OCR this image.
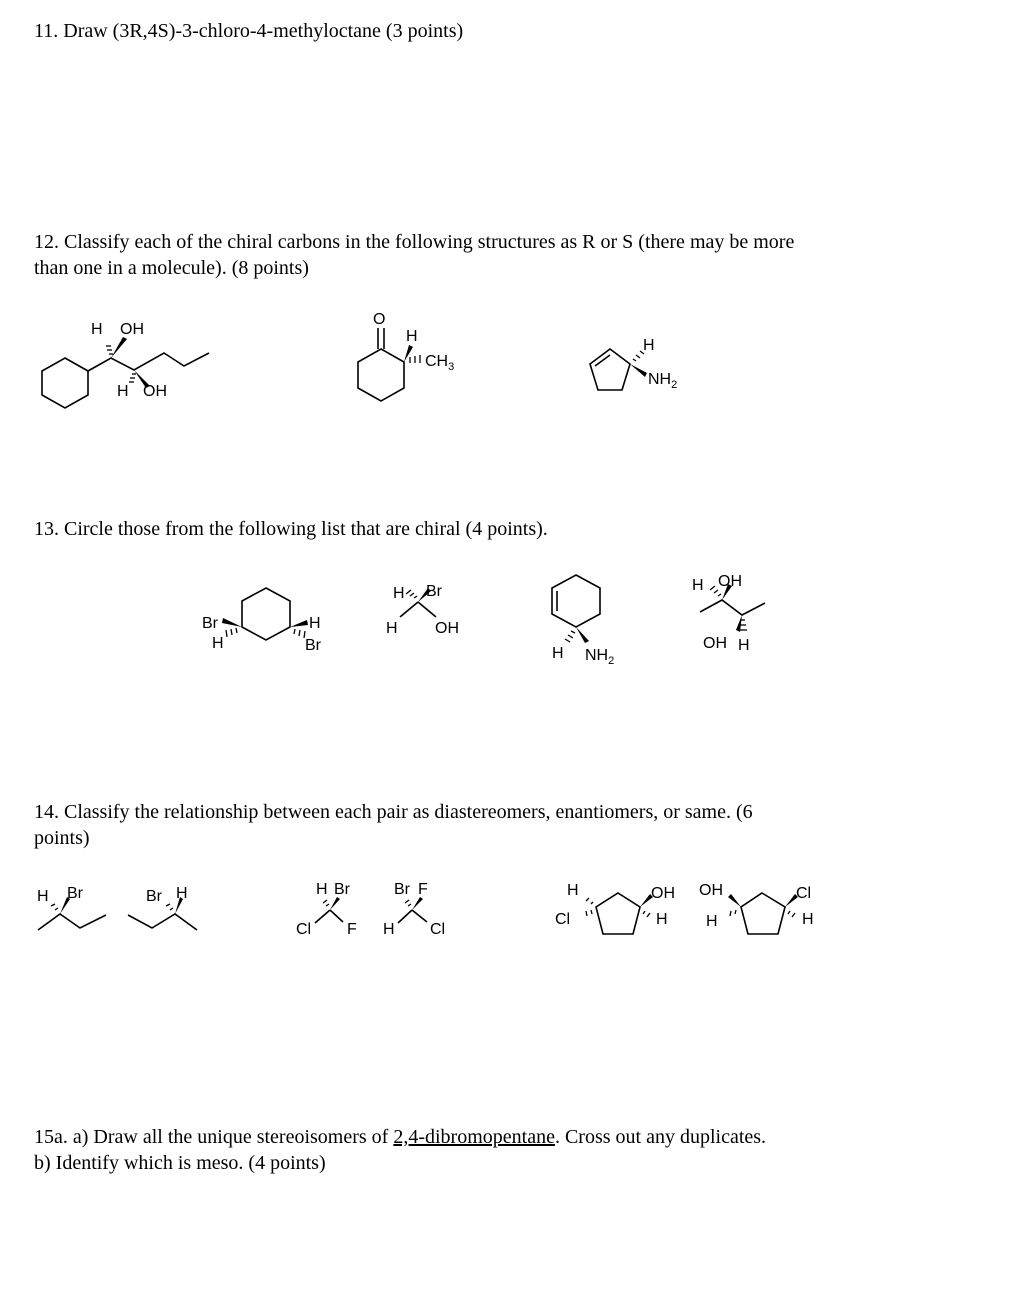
11. Draw (3R,4S)-3-chloro-4-methyloctane (3 points)

12. Classify each of the chiral carbons in the following structures as R or S (there may be more
than one in a molecule). (8 points)

H OH
H OH
O
H
$CH_3$
H
$NH_2$

13. Circle those from the following list that are chiral (4 points).

Br
H
H
Br
H Br
H OH
H $NH_2$
H OH
OH H

14. Classify the relationship between each pair as diastereomers, enantiomers, or same. (6
points)

H Br	Br H	H Br
Cl F
Br F
H Cl
H
Cl
OH
H
OH
H
Cl
H

15a. a) Draw all the unique stereoisomers of 2,4-dibromopentane. Cross out any duplicates.
b) Identify which is meso. (4 points)
